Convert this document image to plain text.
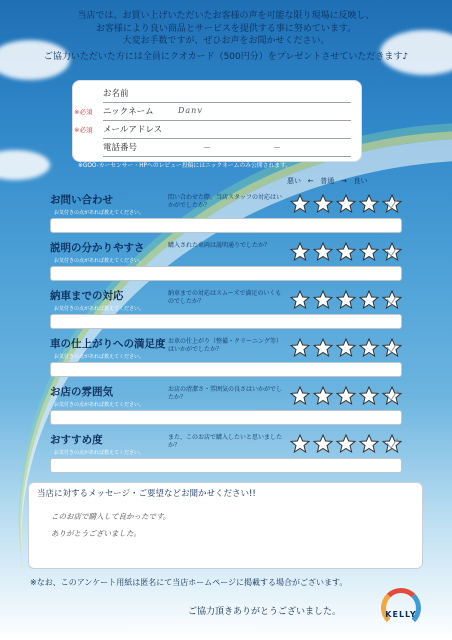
当店では、お買い上げいただいたお客様の声を可能な限り現場に反映し、
お客様により良い商品とサービスを提供する事に努めています。
大変お手数ですが、ぜひお声をお聞かせください。
ご協力いただいた方には全員にクオカード（500円分）をプレゼントさせていただきます♪
お名前
※必須 ニックネーム	Danv
※必須 メールアドレス
電話番号	－	－
※GOO-カーセンサー・HPへのレビュー投稿にはニックネームのみ公開されます。
悪い ← 普通 → 良い
お問い合わせ
お気付きの点があれば教えてください。
問い合わせた際、当店スタッフの対応はいかがでしたか？
説明の分かりやすさ
お気付きの点があれば教えてください。
購入された車両は説明通りでしたか？
納車までの対応
お気付きの点があれば教えてください。
納車までの対応はスムーズで満足のいくものでしたか？
車の仕上がりへの満足度
お気付きの点があれば教えてください。
お車の仕上がり（整備・クリーニング等）はいかがでしたか？
お店の雰囲気
お気付きの点があれば教えてください。
お店の清潔さ・雰囲気の良さはいかがでしたか？
おすすめ度
お気付きの点があれば教えてください。
また、このお店で購入したいと思いましたか？
当店に対するメッセージ・ご要望などお聞かせください!!
このお店で購入して良かったです。
ありがとうございました。
※なお、このアンケート用紙は匿名にて当店ホームページに掲載する場合がございます。
ご協力頂きありがとうございました。	KELLY
